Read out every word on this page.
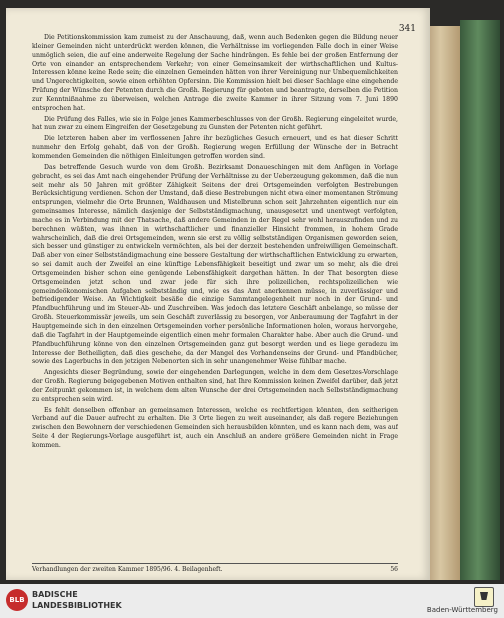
341

Die Petitionskommission kam zumeist zu der Anschauung, daß, wenn auch Bedenken gegen die Bildung neuer kleiner Gemeinden nicht unterdrückt werden können, die Verhältnisse im vorliegenden Falle doch in einer Weise unmöglich seien, die auf eine anderweite Regelung der Sache hindrängen. Es fehle bei der großen Entfernung der Orte von einander an entsprechendem Verkehr; von einer Gemeinsamkeit der wirthschaftlichen und Kultus-Interessen könne keine Rede sein; die einzelnen Gemeinden hätten von ihrer Vereinigung nur Unbequemlichkeiten und Ungerechtigkeiten, sowie einen erhöhten Opfersinn. Die Kommission hielt bei dieser Sachlage eine eingehende Prüfung der Wünsche der Petenten durch die Großh. Regierung für geboten und beantragte, derselben die Petition zur Kenntnißnahme zu überweisen, welchen Antrage die zweite Kammer in ihrer Sitzung vom 7. Juni 1890 entsprochen hat.

Die Prüfung des Falles, wie sie in Folge jenes Kammerbeschlusses von der Großh. Regierung eingeleitet wurde, hat nun zwar zu einem Eingreifen der Gesetzgebung zu Gunsten der Petenten nicht geführt.

Die letzteren haben aber im verflossenen Jahre ihr bezügliches Gesuch erneuert, und es hat dieser Schritt nunmehr den Erfolg gehabt, daß von der Großh. Regierung wegen Erfüllung der Wünsche der in Betracht kommenden Gemeinden die nöthigen Einleitungen getroffen worden sind.

Das betreffende Gesuch wurde von dem Großh. Bezirksamt Donaueschingen mit dem Anfügen in Vorlage gebracht, es sei das Amt nach eingehender Prüfung der Verhältnisse zu der Ueberzeugung gekommen, daß die nun seit mehr als 50 Jahren mit größter Zähigkeit Seitens der drei Ortsgemeinden verfolgten Bestrebungen Berücksichtigung verdienen. Schon der Umstand, daß diese Bestrebungen nicht etwa einer momentanen Strömung entsprungen, vielmehr die Orte Brunnen, Waldhausen und Mistelbrunn schon seit Jahrzehnten eigentlich nur ein gemeinsames Interesse, nämlich dasjenige der Selbstständigmachung, unausgesetzt und unentwegt verfolgten, mache es in Verbindung mit der Thatsache, daß andere Gemeinden in der Regel sehr wohl herauszufinden und zu berechnen wüßten, was ihnen in wirthschaftlicher und finanzieller Hinsicht frommen, in hohem Grade wahrscheinlich, daß die drei Ortsgemeinden, wenn sie erst zu völlig selbstständigen Organismen geworden seien, sich besser und günstiger zu entwickeln vermöchten, als bei der derzeit bestehenden unfreiwilligen Gemeinschaft. Daß aber von einer Selbstständigmachung eine bessere Gestaltung der wirthschaftlichen Entwicklung zu erwarten, so sei damit auch der Zweifel an eine künftige Lebensfähigkeit beseitigt und zwar um so mehr, als die drei Ortsgemeinden bisher schon eine genügende Lebensfähigkeit dargethan hätten. In der That besorgten diese Ortsgemeinden jetzt schon und zwar jede für sich ihre polizeilichen, rechtspolizeilichen wie gemeindeökonomischen Aufgaben selbstständig und, wie es das Amt anerkennen müsse, in zuverlässiger und befriedigender Weise. An Wichtigkeit besäße die einzige Sammtangelegenheit nur noch in der Grund- und Pfandbuchführung und im Steuer-Ab- und Zuschreiben. Was jedoch das letztere Geschäft anbelange, so müsse der Großh. Steuerkommissär jeweils, um sein Geschäft zuverlässig zu besorgen, vor Anberaumung der Tagfahrt in der Hauptgemeinde sich in den einzelnen Ortsgemeinden vorher persönliche Informationen holen, woraus hervorgehe, daß die Tagfahrt in der Hauptgemeinde eigentlich einen mehr formalen Charakter habe. Aber auch die Grund- und Pfandbuchführung könne von den einzelnen Ortsgemeinden ganz gut besorgt werden und es liege geradezu im Interesse der Betheiligten, daß dies geschehe, da der Mangel des Vorhandenseins der Grund- und Pfandbücher, sowie des Lagerbuchs in den jetzigen Nebenorten sich in sehr unangenehmer Weise fühlbar mache.

Angesichts dieser Begründung, sowie der eingehenden Darlegungen, welche in dem dem Gesetzes-Vorschlage der Großh. Regierung beigegebenen Motiven enthalten sind, hat Ihre Kommission keinen Zweifel darüber, daß jetzt der Zeitpunkt gekommen ist, in welchem dem alten Wunsche der drei Ortsgemeinden nach Selbstständigmachung zu entsprechen sein wird.

Es fehlt denselben offenbar an gemeinsamen Interessen, welche es rechtfertigen könnten, den seitherigen Verband auf die Dauer aufrecht zu erhalten. Die 3 Orte liegen zu weit auseinander, als daß regere Beziehungen zwischen den Bewohnern der verschiedenen Gemeinden sich herausbilden könnten, und es kann nach dem, was auf Seite 4 der Regierungs-Vorlage ausgeführt ist, auch ein Anschluß an andere größere Gemeinden nicht in Frage kommen.

Verhandlungen der zweiten Kammer 1895/96. 4. Beilagenheft.	56
BLB
BADISCHE
LANDESBIBLIOTHEK	Baden-Württemberg
